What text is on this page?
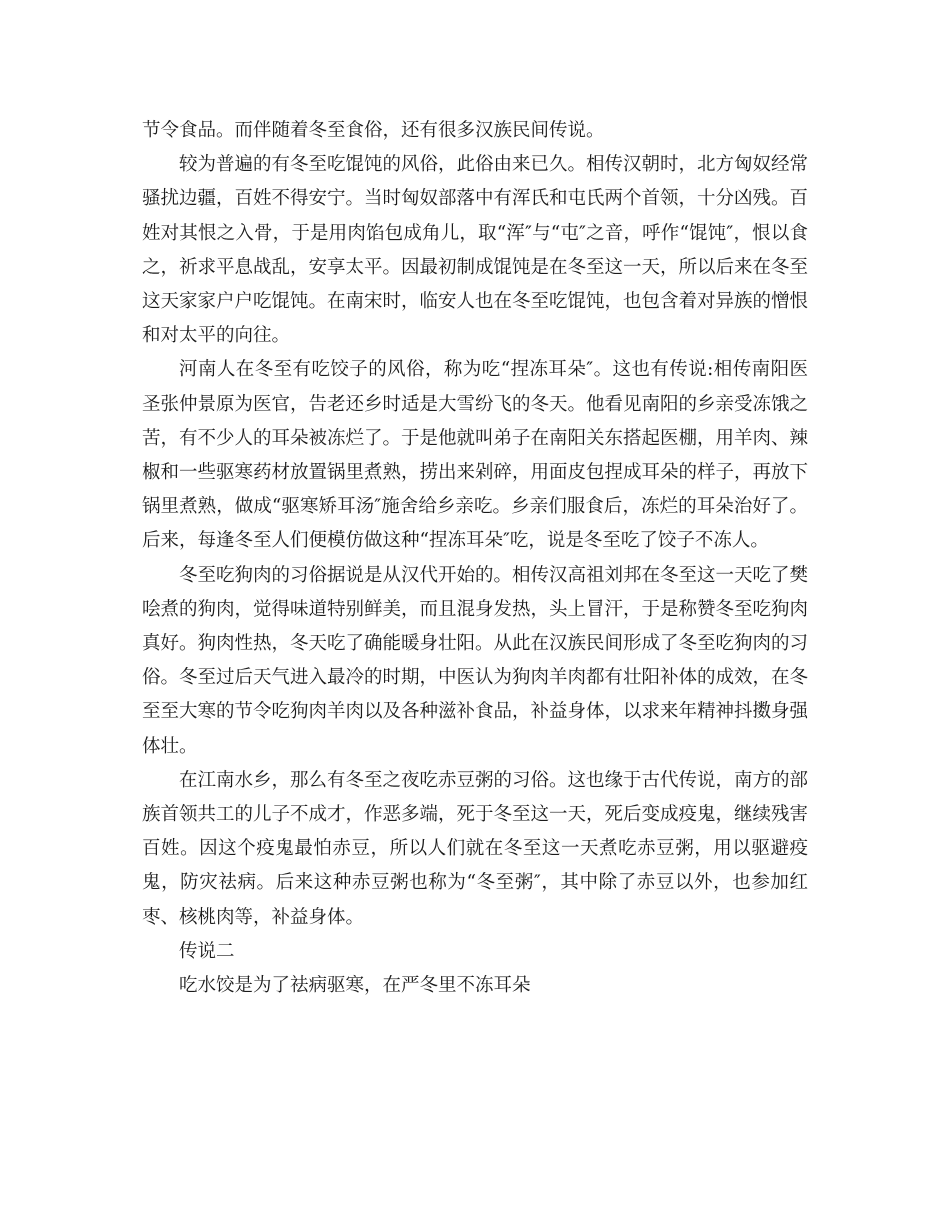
节令食品。而伴随着冬至食俗，还有很多汉族民间传说。

较为普遍的有冬至吃馄饨的风俗，此俗由来已久。相传汉朝时，北方匈奴经常骚扰边疆，百姓不得安宁。当时匈奴部落中有浑氏和屯氏两个首领，十分凶残。百姓对其恨之入骨，于是用肉馅包成角儿，取“浑″与“屯″之音，呼作“馄饨″，恨以食之，祈求平息战乱，安享太平。因最初制成馄饨是在冬至这一天，所以后来在冬至这天家家户户吃馄饨。在南宋时，临安人也在冬至吃馄饨，也包含着对异族的憎恨和对太平的向往。

河南人在冬至有吃饺子的风俗，称为吃“捏冻耳朵″。这也有传说:相传南阳医圣张仲景原为医官，告老还乡时适是大雪纷飞的冬天。他看见南阳的乡亲受冻饿之苦，有不少人的耳朵被冻烂了。于是他就叫弟子在南阳关东搭起医棚，用羊肉、辣椒和一些驱寒药材放置锅里煮熟，捞出来剁碎，用面皮包捏成耳朵的样子，再放下锅里煮熟，做成“驱寒矫耳汤″施舍给乡亲吃。乡亲们服食后，冻烂的耳朵治好了。后来，每逢冬至人们便模仿做这种“捏冻耳朵″吃，说是冬至吃了饺子不冻人。

冬至吃狗肉的习俗据说是从汉代开始的。相传汉高祖刘邦在冬至这一天吃了樊哙煮的狗肉，觉得味道特别鲜美，而且混身发热，头上冒汗，于是称赞冬至吃狗肉真好。狗肉性热，冬天吃了确能暖身壮阳。从此在汉族民间形成了冬至吃狗肉的习俗。冬至过后天气进入最冷的时期，中医认为狗肉羊肉都有壮阳补体的成效，在冬至至大寒的节令吃狗肉羊肉以及各种滋补食品，补益身体，以求来年精神抖擞身强体壮。

在江南水乡，那么有冬至之夜吃赤豆粥的习俗。这也缘于古代传说，南方的部族首领共工的儿子不成才，作恶多端，死于冬至这一天，死后变成疫鬼，继续残害百姓。因这个疫鬼最怕赤豆，所以人们就在冬至这一天煮吃赤豆粥，用以驱避疫鬼，防灾祛病。后来这种赤豆粥也称为“冬至粥″，其中除了赤豆以外，也参加红枣、核桃肉等，补益身体。

传说二

吃水饺是为了祛病驱寒，在严冬里不冻耳朵
